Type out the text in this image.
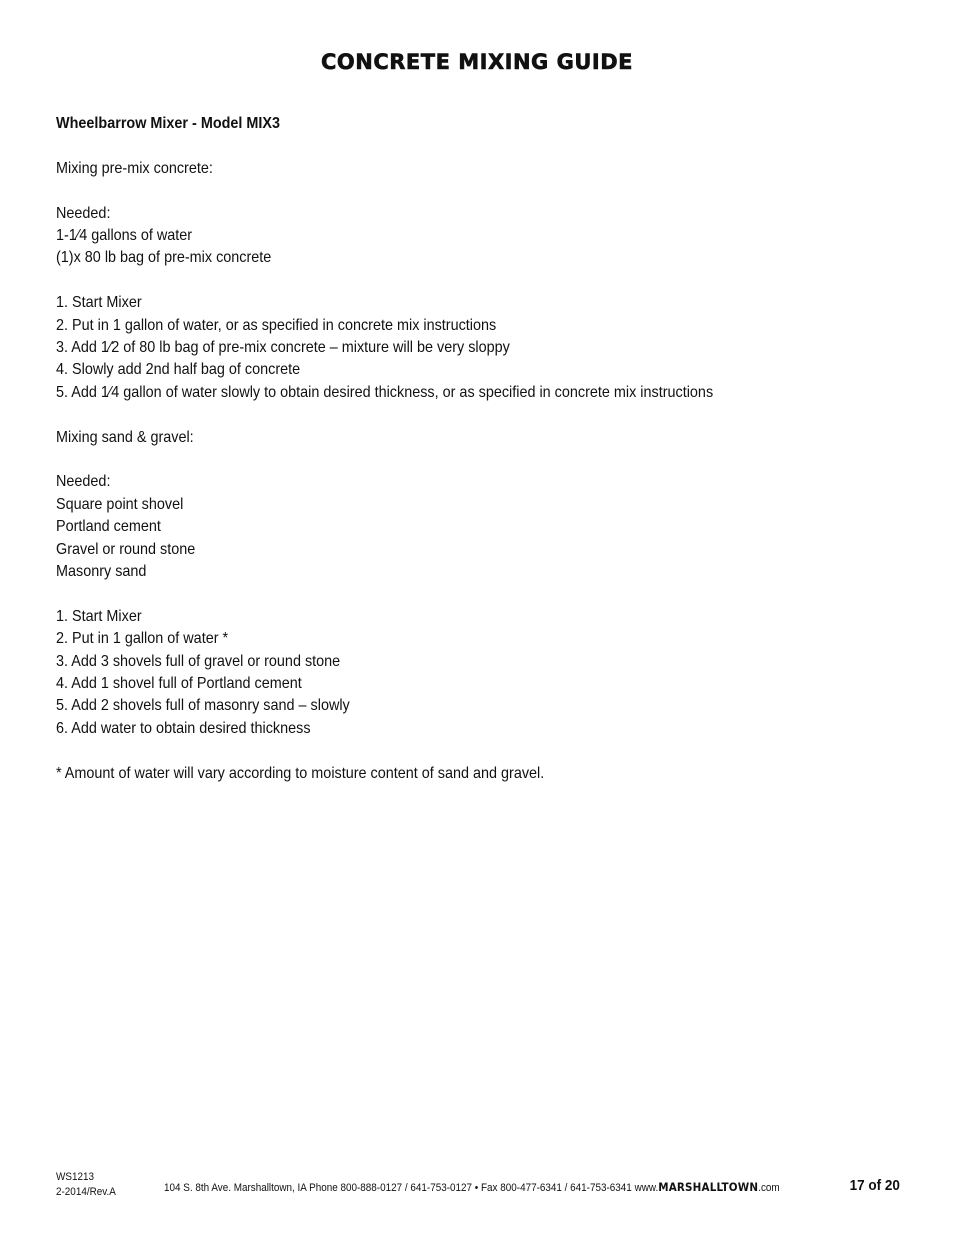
CONCRETE MIXING GUIDE
Wheelbarrow Mixer - Model MIX3
Mixing pre-mix concrete:
Needed:
1-1⁄4 gallons of water
(1)x 80 lb bag of pre-mix concrete
1. Start Mixer
2. Put in 1 gallon of water, or as specified in concrete mix instructions
3. Add 1⁄2 of 80 lb bag of pre-mix concrete – mixture will be very sloppy
4. Slowly add 2nd half bag of concrete
5. Add 1⁄4 gallon of water slowly to obtain desired thickness, or as specified in concrete mix instructions
Mixing sand & gravel:
Needed:
Square point shovel
Portland cement
Gravel or round stone
Masonry sand
1. Start Mixer
2. Put in 1 gallon of water *
3. Add 3 shovels full of gravel or round stone
4. Add 1 shovel full of Portland cement
5. Add 2 shovels full of masonry sand – slowly
6. Add water to obtain desired thickness
* Amount of water will vary according to moisture content of sand and gravel.
WS1213
2-2014/Rev.A	104 S. 8th Ave. Marshalltown, IA Phone 800-888-0127 / 641-753-0127 • Fax 800-477-6341 / 641-753-6341 www.MARSHALLTOWN.com	17 of 20
